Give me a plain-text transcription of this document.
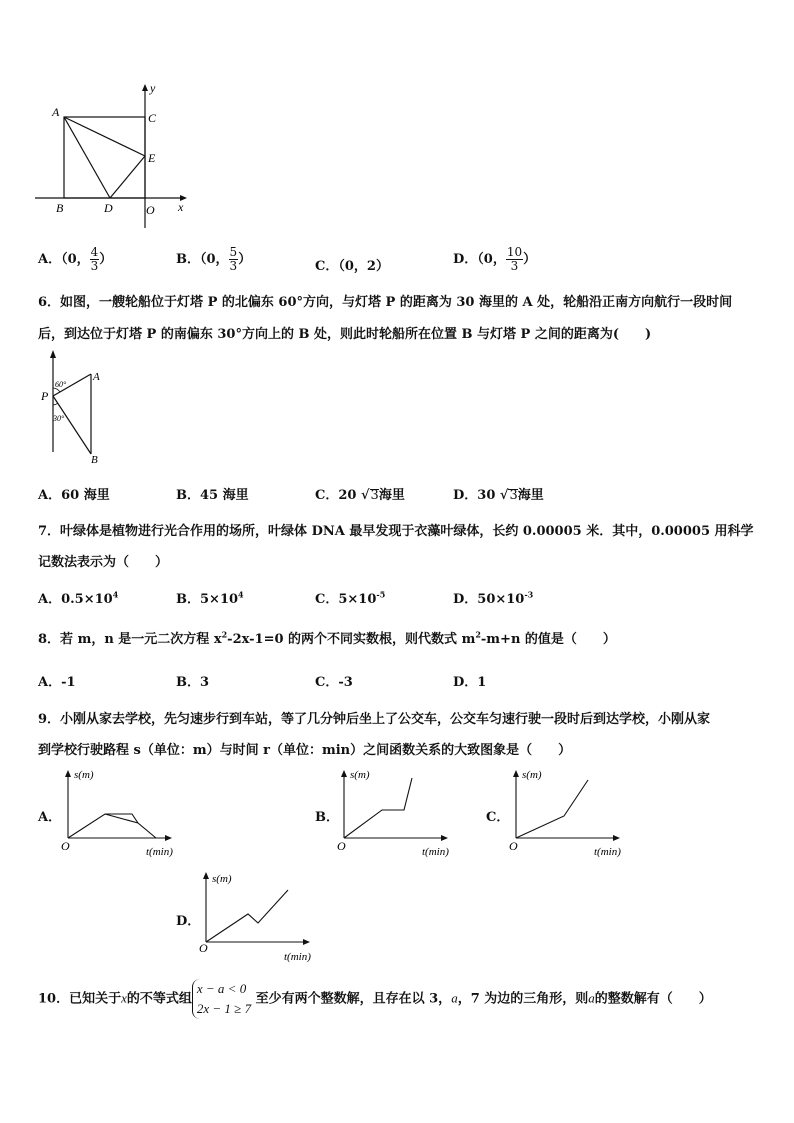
y
A	C
E
B	D	O x
A．（0， $\frac{4}{3}$ ）	B．（0， $\frac{5}{3}$ ）	C．（0，2）	D．（0， $\frac{10}{3}$ ）
6．如图，一艘轮船位于灯塔 P 的北偏东 60°方向，与灯塔 P 的距离为 30 海里的 A 处，轮船沿正南方向航行一段时间
后，到达位于灯塔 P 的南偏东 30°方向上的 B 处，则此时轮船所在位置 B 与灯塔 P 之间的距离为(　　)
60°
30°
P
A
B
A．60 海里	B．45 海里	C．20 √3海里	D．30 √3海里
7．叶绿体是植物进行光合作用的场所，叶绿体 DNA 最早发现于衣藻叶绿体，长约 0.00005 米．其中，0.00005 用科学
记数法表示为（　　）
A．$0.5\times 10^4$	B．$5\times 10^4$	C．$5\times 10^{-5}$	D．$50\times 10^{-3}$
8．若 m，n 是一元二次方程 $x^2-2x-1=0$ 的两个不同实数根，则代数式 $m^2-m+n$ 的值是（　　）
A．-1	B．3	C．-3	D．1
9．小刚从家去学校，先匀速步行到车站，等了几分钟后坐上了公交车，公交车匀速行驶一段时后到达学校，小刚从家
到学校行驶路程 s（单位：m）与时间 r（单位：min）之间函数关系的大致图象是（　　）
A．
s(m)
O	t(min)
B．
s(m)
O	t(min)
C．
s(m)
O	t(min)
D．
s(m)
O
t(min)
10．已知关于x的不等式组
x − a < 0
2x − 1 ≥ 7
至少有两个整数解，且存在以 3，a，7 为边的三角形，则a的整数解有（　　）
